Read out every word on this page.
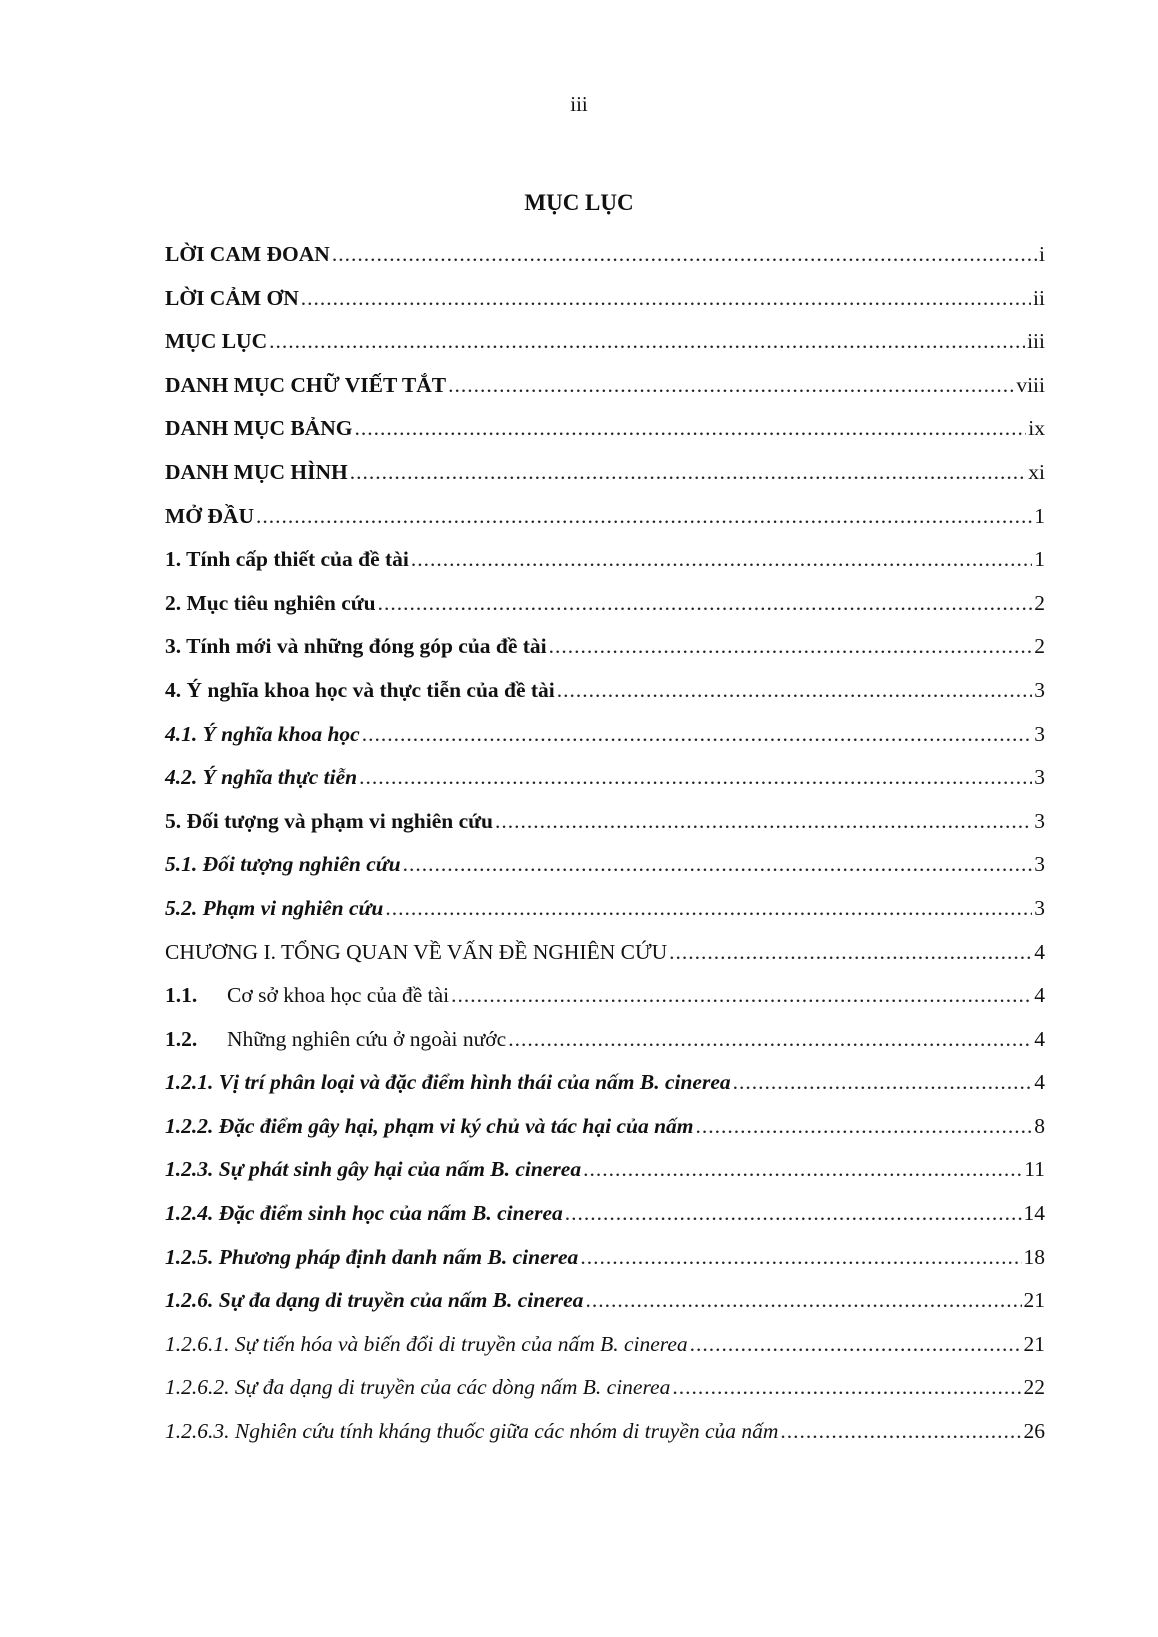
iii
MỤC LỤC
LỜI CAM ĐOAN .....	i
LỜI CẢM ƠN .....	ii
MỤC LỤC .....	iii
DANH MỤC CHỮ VIẾT TẮT .....	viii
DANH MỤC BẢNG .....	ix
DANH MỤC HÌNH .....	xi
MỞ ĐẦU .....	1
1. Tính cấp thiết của đề tài .....	1
2. Mục tiêu nghiên cứu .....	2
3. Tính mới và những đóng góp của đề tài .....	2
4. Ý nghĩa khoa học và thực tiễn của đề tài .....	3
4.1. Ý nghĩa khoa học .....	3
4.2. Ý nghĩa thực tiễn .....	3
5. Đối tượng và phạm vi nghiên cứu .....	3
5.1. Đối tượng nghiên cứu .....	3
5.2. Phạm vi nghiên cứu .....	3
CHƯƠNG I. TỔNG QUAN VỀ VẤN ĐỀ NGHIÊN CỨU .....	4
1.1. Cơ sở khoa học của đề tài .....	4
1.2. Những nghiên cứu ở ngoài nước .....	4
1.2.1. Vị trí phân loại và đặc điểm hình thái của nấm B. cinerea .....	4
1.2.2. Đặc điểm gây hại, phạm vi ký chủ và tác hại của nấm .....	8
1.2.3. Sự phát sinh gây hại của nấm B. cinerea .....	11
1.2.4. Đặc điểm sinh học của nấm B. cinerea .....	14
1.2.5. Phương pháp định danh nấm B. cinerea .....	18
1.2.6. Sự đa dạng di truyền của nấm B. cinerea .....	21
1.2.6.1. Sự tiến hóa và biến đổi di truyền của nấm B. cinerea .....	21
1.2.6.2. Sự đa dạng di truyền của các dòng nấm B. cinerea .....	22
1.2.6.3. Nghiên cứu tính kháng thuốc giữa các nhóm di truyền của nấm .....	26
